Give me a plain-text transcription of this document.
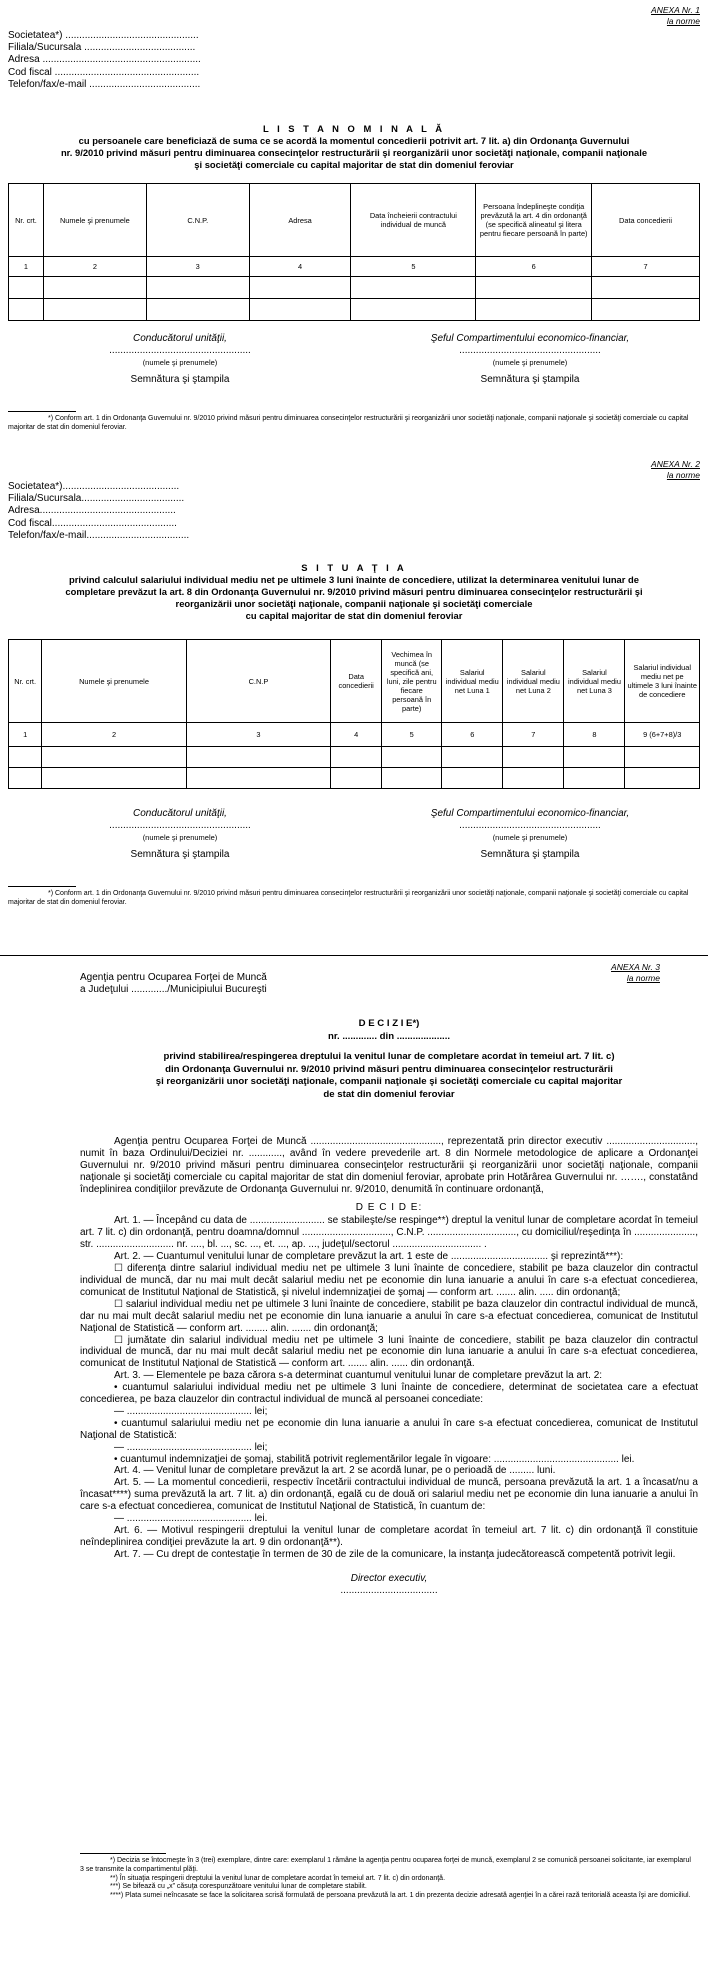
ANEXA Nr. 1
la norme
Societatea*) ................................................
Filiala/Sucursala ........................................
Adresa .........................................................
Cod fiscal ....................................................
Telefon/fax/e-mail ........................................
L I S T A N O M I N A L Ă
cu persoanele care beneficiază de suma ce se acordă la momentul concedierii potrivit art. 7 lit. a) din Ordonanţa Guvernului
nr. 9/2010 privind măsuri pentru diminuarea consecinţelor restructurării şi reorganizării unor societăţi naţionale, companii naţionale
şi societăţi comerciale cu capital majoritar de stat din domeniul feroviar
Nr. crt.	Numele şi prenumele	C.N.P.	Adresa	Data încheierii contractului individual de muncă	Persoana îndeplineşte condiţia prevăzută la art. 4 din ordonanţă (se specifică alineatul şi litera pentru fiecare persoană în parte)	Data concedierii
1	2	3	4	5	6	7

Conducătorul unităţii,
...................................................
(numele şi prenumele)
Semnătura şi ştampila
Şeful Compartimentului economico-financiar,
...................................................
(numele şi prenumele)
Semnătura şi ştampila
*) Conform art. 1 din Ordonanţa Guvernului nr. 9/2010 privind măsuri pentru diminuarea consecinţelor restructurării şi reorganizării unor societăţi naţionale, companii naţionale şi societăţi comerciale cu capital majoritar de stat din domeniul feroviar.
ANEXA Nr. 2
la norme
Societatea*)..........................................
Filiala/Sucursala.....................................
Adresa.................................................
Cod fiscal.............................................
Telefon/fax/e-mail.....................................
S I T U A Ţ I A
privind calculul salariului individual mediu net pe ultimele 3 luni înainte de concediere, utilizat la determinarea venitului lunar de
completare prevăzut la art. 8 din Ordonanţa Guvernului nr. 9/2010 privind măsuri pentru diminuarea consecinţelor restructurării şi
reorganizării unor societăţi naţionale, companii naţionale şi societăţi comerciale
cu capital majoritar de stat din domeniul feroviar
Nr. crt.	Numele şi prenumele	C.N.P	Data concedierii	Vechimea în muncă (se specifică ani, luni, zile pentru fiecare persoană în parte)	Salariul individual mediu net Luna 1	Salariul individual mediu net Luna 2	Salariul individual mediu net Luna 3	Salariul individual mediu net pe ultimele 3 luni înainte de concediere
1	2	3	4	5	6	7	8	9 (6+7+8)/3

Conducătorul unităţii,
...................................................
(numele şi prenumele)
Semnătura şi ştampila
Şeful Compartimentului economico-financiar,
...................................................
(numele şi prenumele)
Semnătura şi ştampila
*) Conform art. 1 din Ordonanţa Guvernului nr. 9/2010 privind măsuri pentru diminuarea consecinţelor restructurării şi reorganizării unor societăţi naţionale, companii naţionale şi societăţi comerciale cu capital majoritar de stat din domeniul feroviar.
ANEXA Nr. 3
la norme
Agenţia pentru Ocuparea Forţei de Muncă
a Judeţului ............./Municipiului Bucureşti
D E C I Z I E*)
nr. ............. din ....................
privind stabilirea/respingerea dreptului la venitul lunar de completare acordat în temeiul art. 7 lit. c)
din Ordonanţa Guvernului nr. 9/2010 privind măsuri pentru diminuarea consecinţelor restructurării
şi reorganizării unor societăţi naţionale, companii naţionale şi societăţi comerciale cu capital majoritar
de stat din domeniul feroviar

Agenţia pentru Ocuparea Forţei de Muncă ..............................................., reprezentată prin director executiv ................................, numit în baza Ordinului/Deciziei nr. ............, având în vedere prevederile art. 8 din Normele metodologice de aplicare a Ordonanţei Guvernului nr. 9/2010 privind măsuri pentru diminuarea consecinţelor restructurării şi reorganizării unor societăţi naţionale, companii naţionale şi societăţi comerciale cu capital majoritar de stat din domeniul feroviar, aprobate prin Hotărârea Guvernului nr. ……., constatând îndeplinirea condiţiilor prevăzute de Ordonanţa Guvernului nr. 9/2010, denumită în continuare ordonanţă,

D E C I D E:

Art. 1. — Începând cu data de ........................... se stabileşte/se respinge**) dreptul la venitul lunar de completare acordat în temeiul art. 7 lit. c) din ordonanţă, pentru doamna/domnul ................................, C.N.P. ................................, cu domiciliul/reşedinţa în ......................, str. ............................ nr. ...., bl. ..., sc. ..., et. ..., ap. ..., judeţul/sectorul ................................ .

Art. 2. — Cuantumul venitului lunar de completare prevăzut la art. 1 este de ................................... şi reprezintă***):

☐ diferenţa dintre salariul individual mediu net pe ultimele 3 luni înainte de concediere, stabilit pe baza clauzelor din contractul individual de muncă, dar nu mai mult decât salariul mediu net pe economie din luna ianuarie a anului în care s-a efectuat concedierea, comunicat de Institutul Naţional de Statistică, şi nivelul indemnizaţiei de şomaj — conform art. ....... alin. ..... din ordonanţă;

☐ salariul individual mediu net pe ultimele 3 luni înainte de concediere, stabilit pe baza clauzelor din contractul individual de muncă, dar nu mai mult decât salariul mediu net pe economie din luna ianuarie a anului în care s-a efectuat concedierea, comunicat de Institutul Naţional de Statistică — conform art. ........ alin. ....... din ordonanţă;

☐ jumătate din salariul individual mediu net pe ultimele 3 luni înainte de concediere, stabilit pe baza clauzelor din contractul individual de muncă, dar nu mai mult decât salariul mediu net pe economie din luna ianuarie a anului în care s-a efectuat concedierea, comunicat de Institutul Naţional de Statistică — conform art. ....... alin. ...... din ordonanţă.

Art. 3. — Elementele pe baza cărora s-a determinat cuantumul venitului lunar de completare prevăzut la art. 2:

• cuantumul salariului individual mediu net pe ultimele 3 luni înainte de concediere, determinat de societatea care a efectuat concedierea, pe baza clauzelor din contractul individual de muncă al persoanei concediate:

— ............................................. lei;

• cuantumul salariului mediu net pe economie din luna ianuarie a anului în care s-a efectuat concedierea, comunicat de Institutul Naţional de Statistică:

— ............................................. lei;

• cuantumul indemnizaţiei de şomaj, stabilită potrivit reglementărilor legale în vigoare: ............................................. lei.

Art. 4. — Venitul lunar de completare prevăzut la art. 2 se acordă lunar, pe o perioadă de ......... luni.

Art. 5. — La momentul concedierii, respectiv încetării contractului individual de muncă, persoana prevăzută la art. 1 a încasat/nu a încasat****) suma prevăzută la art. 7 lit. a) din ordonanţă, egală cu de două ori salariul mediu net pe economie din luna ianuarie a anului în care s-a efectuat concedierea, comunicat de Institutul Naţional de Statistică, în cuantum de:

— ............................................. lei.

Art. 6. — Motivul respingerii dreptului la venitul lunar de completare acordat în temeiul art. 7 lit. c) din ordonanţă îl constituie neîndeplinirea condiţiei prevăzute la art. 9 din ordonanţă**).

Art. 7. — Cu drept de contestaţie în termen de 30 de zile de la comunicare, la instanţa judecătorească competentă potrivit legii.

Director executiv,

...................................

*) Decizia se întocmeşte în 3 (trei) exemplare, dintre care: exemplarul 1 rămâne la agenţia pentru ocuparea forţei de muncă, exemplarul 2 se comunică persoanei solicitante, iar exemplarul 3 se transmite la compartimentul plăţi.

**) În situaţia respingerii dreptului la venitul lunar de completare acordat în temeiul art. 7 lit. c) din ordonanţă.

***) Se bifează cu „x” căsuţa corespunzătoare venitului lunar de completare stabilit.

****) Plata sumei neîncasate se face la solicitarea scrisă formulată de persoana prevăzută la art. 1 din prezenta decizie adresată agenţiei în a cărei rază teritorială aceasta îşi are domiciliul.
